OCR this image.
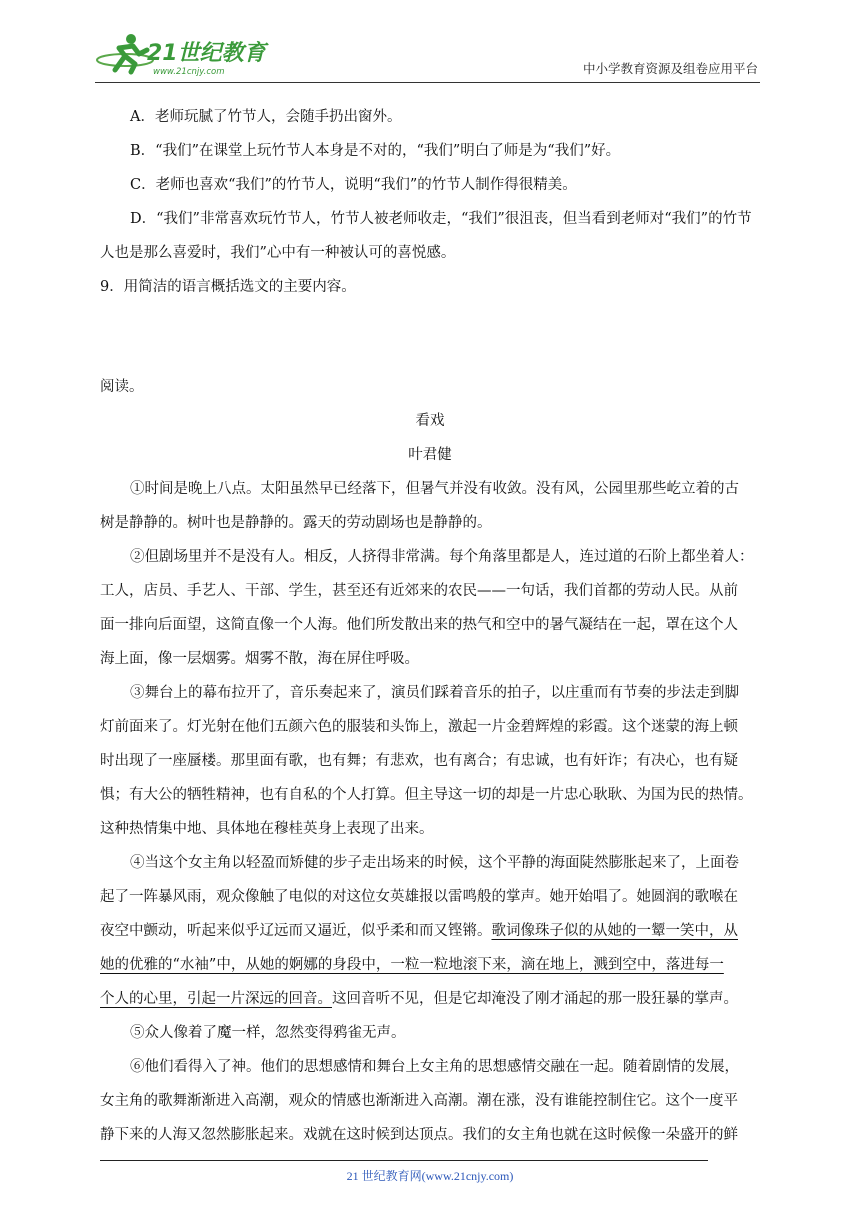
21世纪教育
www.21cnjy.com	中小学教育资源及组卷应用平台
A．老师玩腻了竹节人，会随手扔出窗外。
B．“我们”在课堂上玩竹节人本身是不对的，“我们”明白了师是为“我们”好。
C．老师也喜欢“我们”的竹节人，说明“我们”的竹节人制作得很精美。
D．“我们”非常喜欢玩竹节人，竹节人被老师收走，“我们”很沮丧，但当看到老师对“我们”的竹节
人也是那么喜爱时，我们”心中有一种被认可的喜悦感。
9．用简洁的语言概括选文的主要内容。
阅读。
看戏
叶君健
①时间是晚上八点。太阳虽然早已经落下，但暑气并没有收敛。没有风，公园里那些屹立着的古
树是静静的。树叶也是静静的。露天的劳动剧场也是静静的。
②但剧场里并不是没有人。相反，人挤得非常满。每个角落里都是人，连过道的石阶上都坐着人：
工人，店员、手艺人、干部、学生，甚至还有近郊来的农民——一句话，我们首都的劳动人民。从前
面一排向后面望，这简直像一个人海。他们所发散出来的热气和空中的暑气凝结在一起，罩在这个人
海上面，像一层烟雾。烟雾不散，海在屏住呼吸。
③舞台上的幕布拉开了，音乐奏起来了，演员们踩着音乐的拍子，以庄重而有节奏的步法走到脚
灯前面来了。灯光射在他们五颜六色的服装和头饰上，激起一片金碧辉煌的彩霞。这个迷蒙的海上顿
时出现了一座蜃楼。那里面有歌，也有舞；有悲欢，也有离合；有忠诚，也有奸诈；有决心，也有疑
惧；有大公的牺牲精神，也有自私的个人打算。但主导这一切的却是一片忠心耿耿、为国为民的热情。
这种热情集中地、具体地在穆桂英身上表现了出来。
④当这个女主角以轻盈而矫健的步子走出场来的时候，这个平静的海面陡然膨胀起来了，上面卷
起了一阵暴风雨，观众像触了电似的对这位女英雄报以雷鸣般的掌声。她开始唱了。她圆润的歌喉在
夜空中颤动，听起来似乎辽远而又逼近，似乎柔和而又铿锵。歌词像珠子似的从她的一颦一笑中，从
她的优雅的“水袖”中，从她的婀娜的身段中，一粒一粒地滚下来，滴在地上，溅到空中，落进每一
个人的心里，引起一片深远的回音。这回音听不见，但是它却淹没了刚才涌起的那一股狂暴的掌声。
⑤众人像着了魔一样，忽然变得鸦雀无声。
⑥他们看得入了神。他们的思想感情和舞台上女主角的思想感情交融在一起。随着剧情的发展，
女主角的歌舞渐渐进入高潮，观众的情感也渐渐进入高潮。潮在涨，没有谁能控制住它。这个一度平
静下来的人海又忽然膨胀起来。戏就在这时候到达顶点。我们的女主角也就在这时候像一朵盛开的鲜
21 世纪教育网(www.21cnjy.com)
